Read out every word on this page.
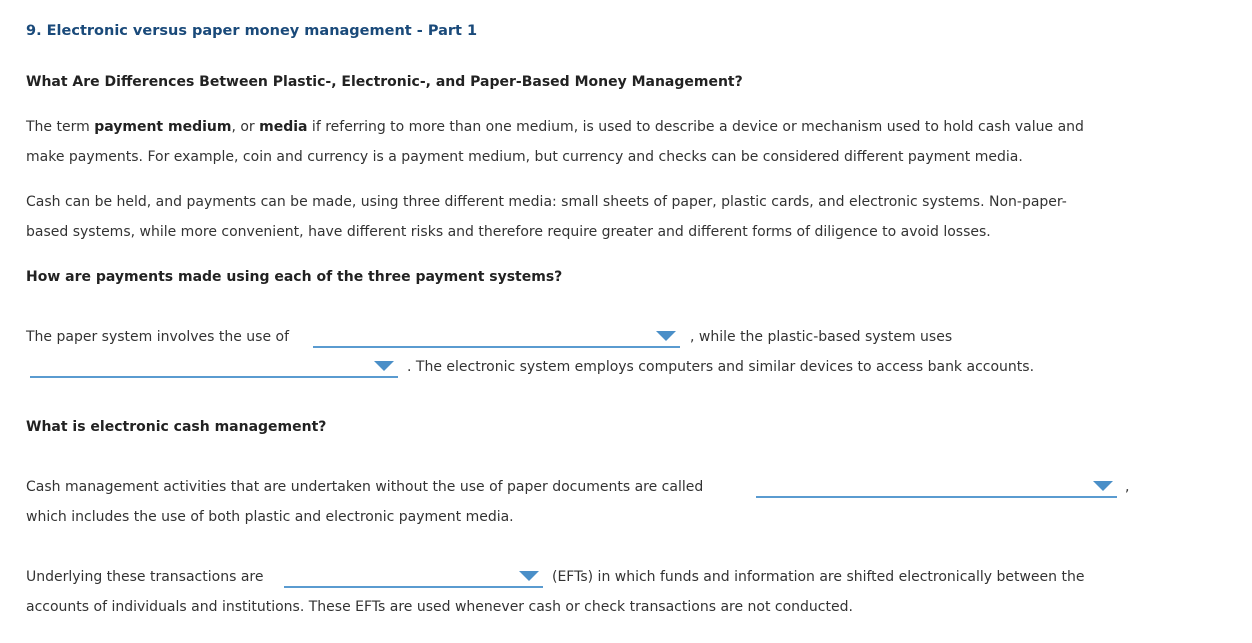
9. Electronic versus paper money management - Part 1
What Are Differences Between Plastic-, Electronic-, and Paper-Based Money Management?
The term payment medium, or media if referring to more than one medium, is used to describe a device or mechanism used to hold cash value and
make payments. For example, coin and currency is a payment medium, but currency and checks can be considered different payment media.
Cash can be held, and payments can be made, using three different media: small sheets of paper, plastic cards, and electronic systems. Non-paper-
based systems, while more convenient, have different risks and therefore require greater and different forms of diligence to avoid losses.
How are payments made using each of the three payment systems?
The paper system involves the use of	, while the plastic-based system uses
. The electronic system employs computers and similar devices to access bank accounts.
What is electronic cash management?
Cash management activities that are undertaken without the use of paper documents are called	,
which includes the use of both plastic and electronic payment media.
Underlying these transactions are	(EFTs) in which funds and information are shifted electronically between the
accounts of individuals and institutions. These EFTs are used whenever cash or check transactions are not conducted.
